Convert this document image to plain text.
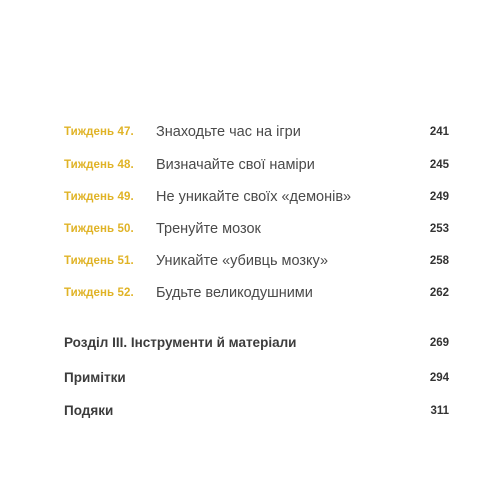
Тиждень 47. Знаходьте час на ігри	241
Тиждень 48. Визначайте свої наміри	245
Тиждень 49. Не уникайте своїх «демонів»	249
Тиждень 50. Тренуйте мозок	253
Тиждень 51. Уникайте «убивць мозку»	258
Тиждень 52. Будьте великодушними	262
Розділ III. Інструменти й матеріали	269
Примітки	294
Подяки	311
